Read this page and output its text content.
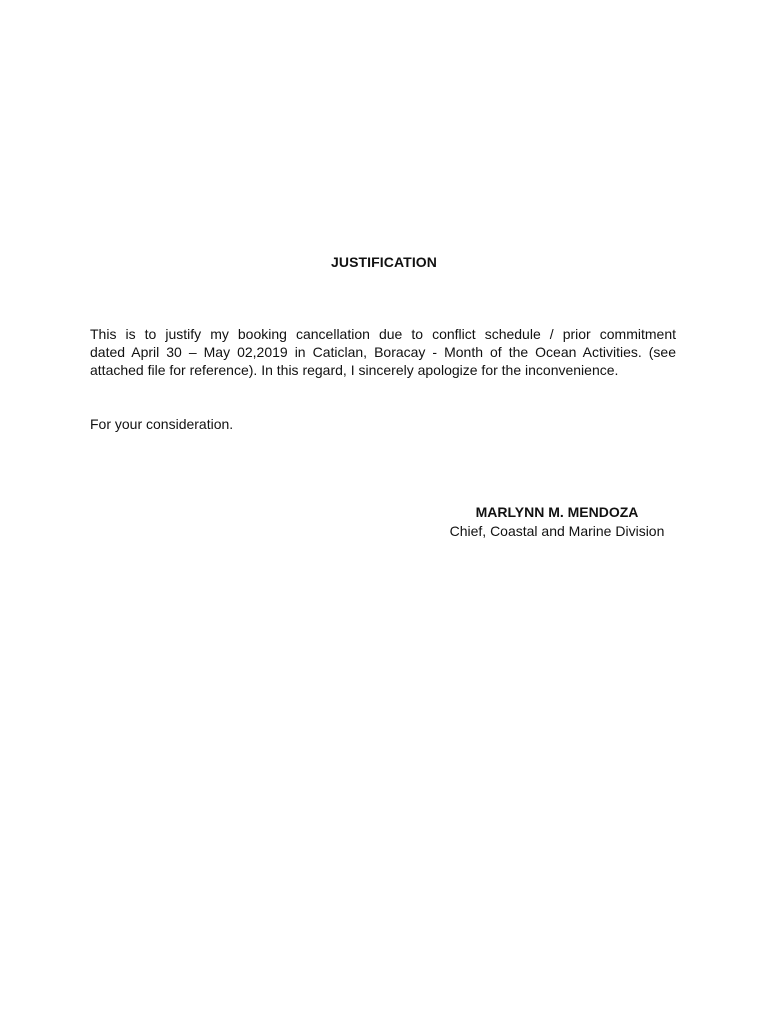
JUSTIFICATION
This is to justify my booking cancellation due to conflict schedule / prior commitment
dated April 30 – May 02,2019 in Caticlan, Boracay - Month of the Ocean Activities. (see
attached file for reference). In this regard, I sincerely apologize for the inconvenience.
For your consideration.
MARLYNN M. MENDOZA
Chief, Coastal and Marine Division
